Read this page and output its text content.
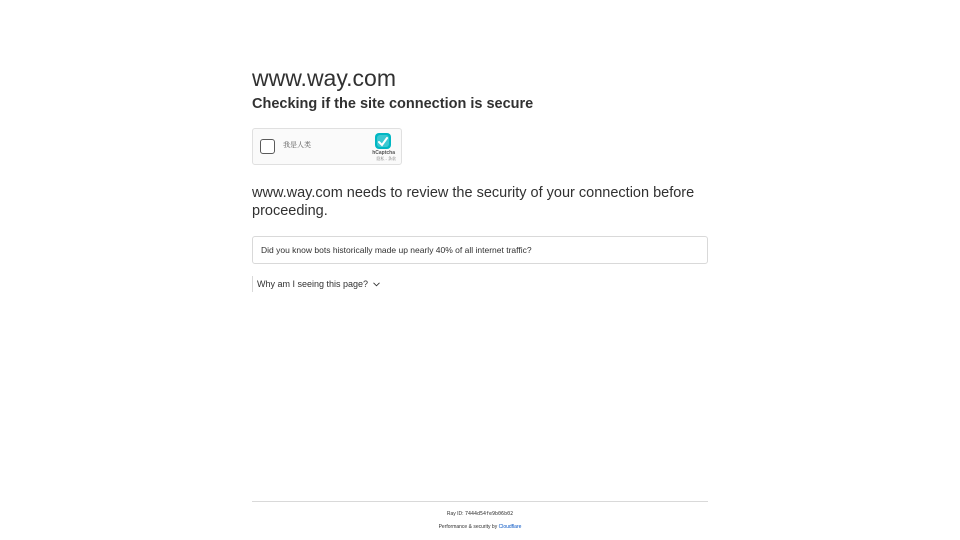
www.way.com
Checking if the site connection is secure
我是人类
hCaptcha
隐私 - 条款

www.way.com needs to review the security of your connection before proceeding.

Did you know bots historically made up nearly 40% of all internet traffic?
Why am I seeing this page?
Ray ID: 7444d54fe9b06b02
Performance & security by Cloudflare
